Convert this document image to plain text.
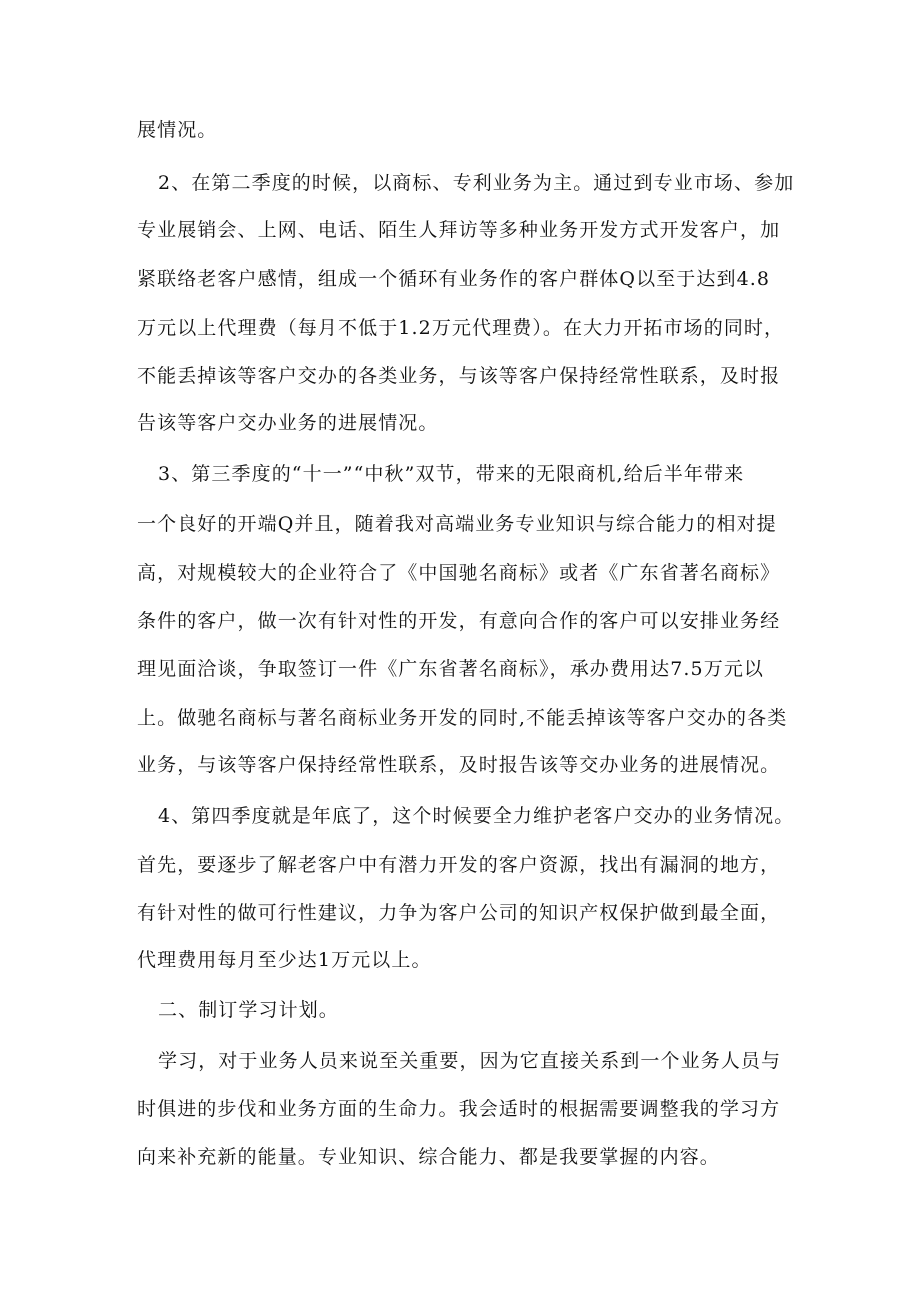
展情况。
2、在第二季度的时候，以商标、专利业务为主。通过到专业市场、参加
专业展销会、上网、电话、陌生人拜访等多种业务开发方式开发客户，加
紧联络老客户感情，组成一个循环有业务作的客户群体Q以至于达到4.8
万元以上代理费（每月不低于1.2万元代理费）。在大力开拓市场的同时，
不能丢掉该等客户交办的各类业务，与该等客户保持经常性联系，及时报
告该等客户交办业务的进展情况。
3、第三季度的“十一”“中秋”双节，带来的无限商机,给后半年带来
一个良好的开端Q并且，随着我对高端业务专业知识与综合能力的相对提
高，对规模较大的企业符合了《中国驰名商标》或者《广东省著名商标》
条件的客户，做一次有针对性的开发，有意向合作的客户可以安排业务经
理见面洽谈，争取签订一件《广东省著名商标》，承办费用达7.5万元以
上。做驰名商标与著名商标业务开发的同时,不能丢掉该等客户交办的各类
业务，与该等客户保持经常性联系，及时报告该等交办业务的进展情况。
4、第四季度就是年底了，这个时候要全力维护老客户交办的业务情况。
首先，要逐步了解老客户中有潜力开发的客户资源，找出有漏洞的地方，
有针对性的做可行性建议，力争为客户公司的知识产权保护做到最全面，
代理费用每月至少达1万元以上。
二、制订学习计划。
学习，对于业务人员来说至关重要，因为它直接关系到一个业务人员与
时俱进的步伐和业务方面的生命力。我会适时的根据需要调整我的学习方
向来补充新的能量。专业知识、综合能力、都是我要掌握的内容。
